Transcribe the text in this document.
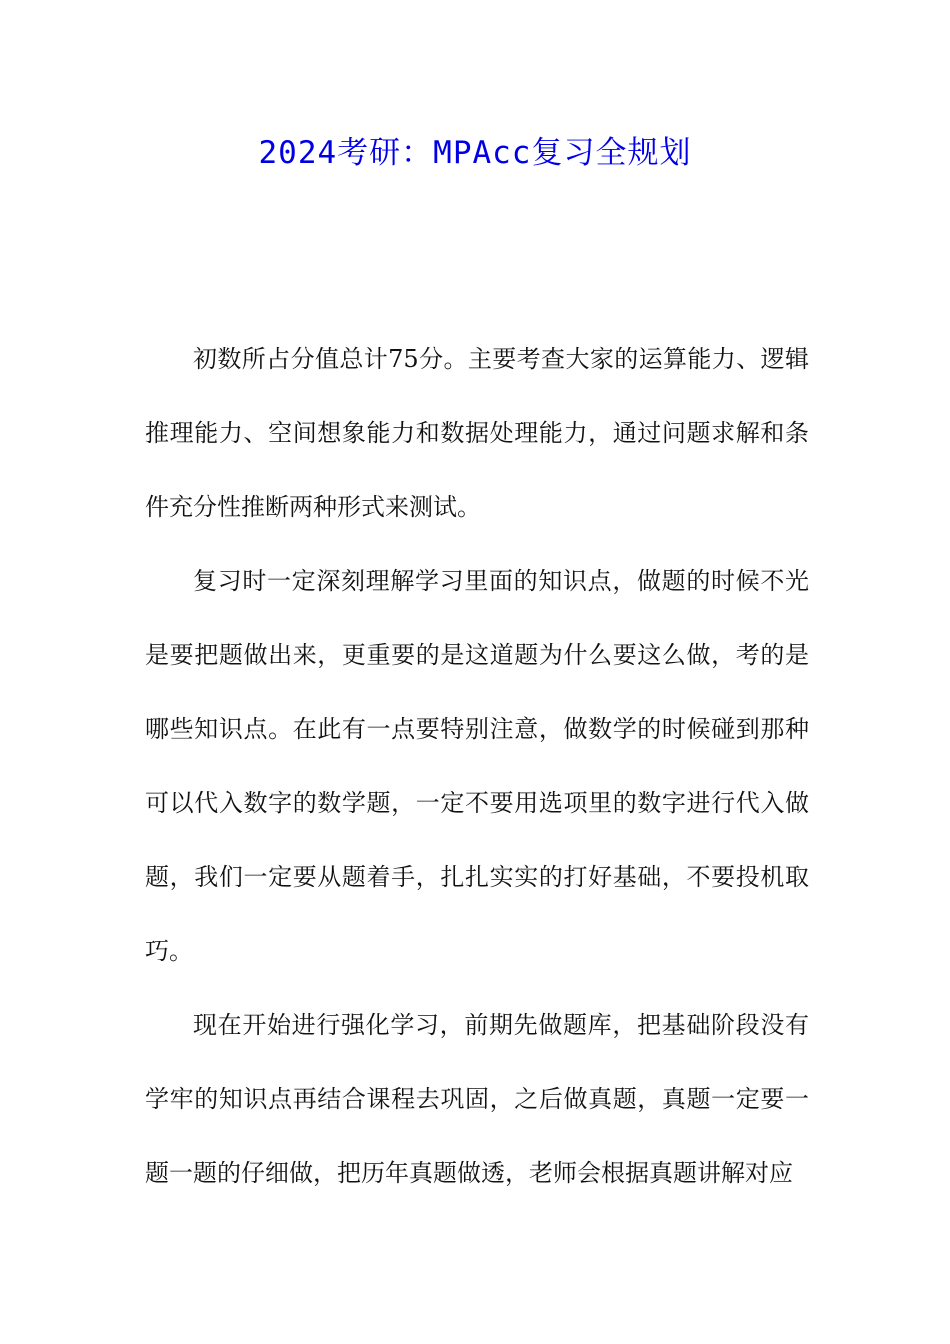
2024考研：MPAcc复习全规划

初数所占分值总计75分。主要考查大家的运算能力、逻辑推理能力、空间想象能力和数据处理能力，通过问题求解和条件充分性推断两种形式来测试。

复习时一定深刻理解学习里面的知识点，做题的时候不光是要把题做出来，更重要的是这道题为什么要这么做，考的是哪些知识点。在此有一点要特别注意，做数学的时候碰到那种可以代入数字的数学题，一定不要用选项里的数字进行代入做题，我们一定要从题着手，扎扎实实的打好基础，不要投机取巧。

现在开始进行强化学习，前期先做题库，把基础阶段没有学牢的知识点再结合课程去巩固，之后做真题，真题一定要一题一题的仔细做，把历年真题做透，老师会根据真题讲解对应
